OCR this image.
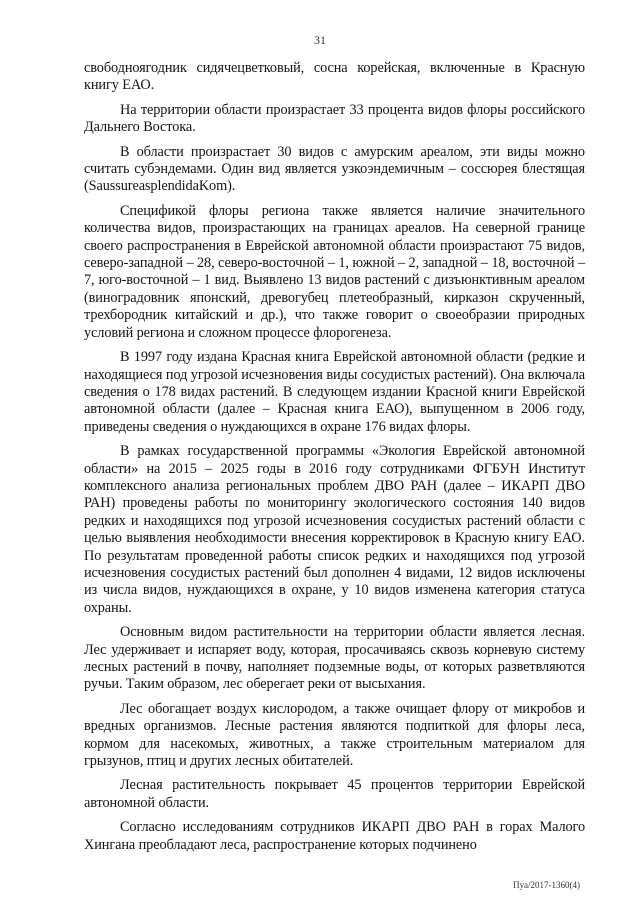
31

свободноягодник сидячецветковый, сосна корейская, включенные в Красную книгу ЕАО.

На территории области произрастает 33 процента видов флоры российского Дальнего Востока.

В области произрастает 30 видов с амурским ареалом, эти виды можно считать субэндемами. Один вид является узкоэндемичным – соссюрея блестящая (SaussureasplendidaKom).

Спецификой флоры региона также является наличие значительного количества видов, произрастающих на границах ареалов. На северной границе своего распространения в Еврейской автономной области произрастают 75 видов, северо-западной – 28, северо-восточной – 1, южной – 2, западной – 18, восточной – 7, юго-восточной – 1 вид. Выявлено 13 видов растений с дизъюнктивным ареалом (виноградовник японский, древогубец плетеобразный, кирказон скрученный, трехбородник китайский и др.), что также говорит о своеобразии природных условий региона и сложном процессе флорогенеза.

В 1997 году издана Красная книга Еврейской автономной области (редкие и находящиеся под угрозой исчезновения виды сосудистых растений). Она включала сведения о 178 видах растений. В следующем издании Красной книги Еврейской автономной области (далее – Красная книга ЕАО), выпущенном в 2006 году, приведены сведения о нуждающихся в охране 176 видах флоры.

В рамках государственной программы «Экология Еврейской автономной области» на 2015 – 2025 годы в 2016 году сотрудниками ФГБУН Институт комплексного анализа региональных проблем ДВО РАН (далее – ИКАРП ДВО РАН) проведены работы по мониторингу экологического состояния 140 видов редких и находящихся под угрозой исчезновения сосудистых растений области с целью выявления необходимости внесения корректировок в Красную книгу ЕАО. По результатам проведенной работы список редких и находящихся под угрозой исчезновения сосудистых растений был дополнен 4 видами, 12 видов исключены из числа видов, нуждающихся в охране, у 10 видов изменена категория статуса охраны.

Основным видом растительности на территории области является лесная. Лес удерживает и испаряет воду, которая, просачиваясь сквозь корневую систему лесных растений в почву, наполняет подземные воды, от которых разветвляются ручьи. Таким образом, лес оберегает реки от высыхания.

Лес обогащает воздух кислородом, а также очищает флору от микробов и вредных организмов. Лесные растения являются подпиткой для флоры леса, кормом для насекомых, животных, а также строительным материалом для грызунов, птиц и других лесных обитателей.

Лесная растительность покрывает 45 процентов территории Еврейской автономной области.

Согласно исследованиям сотрудников ИКАРП ДВО РАН в горах Малого Хингана преобладают леса, распространение которых подчинено

Пуа/2017-1360(4)
